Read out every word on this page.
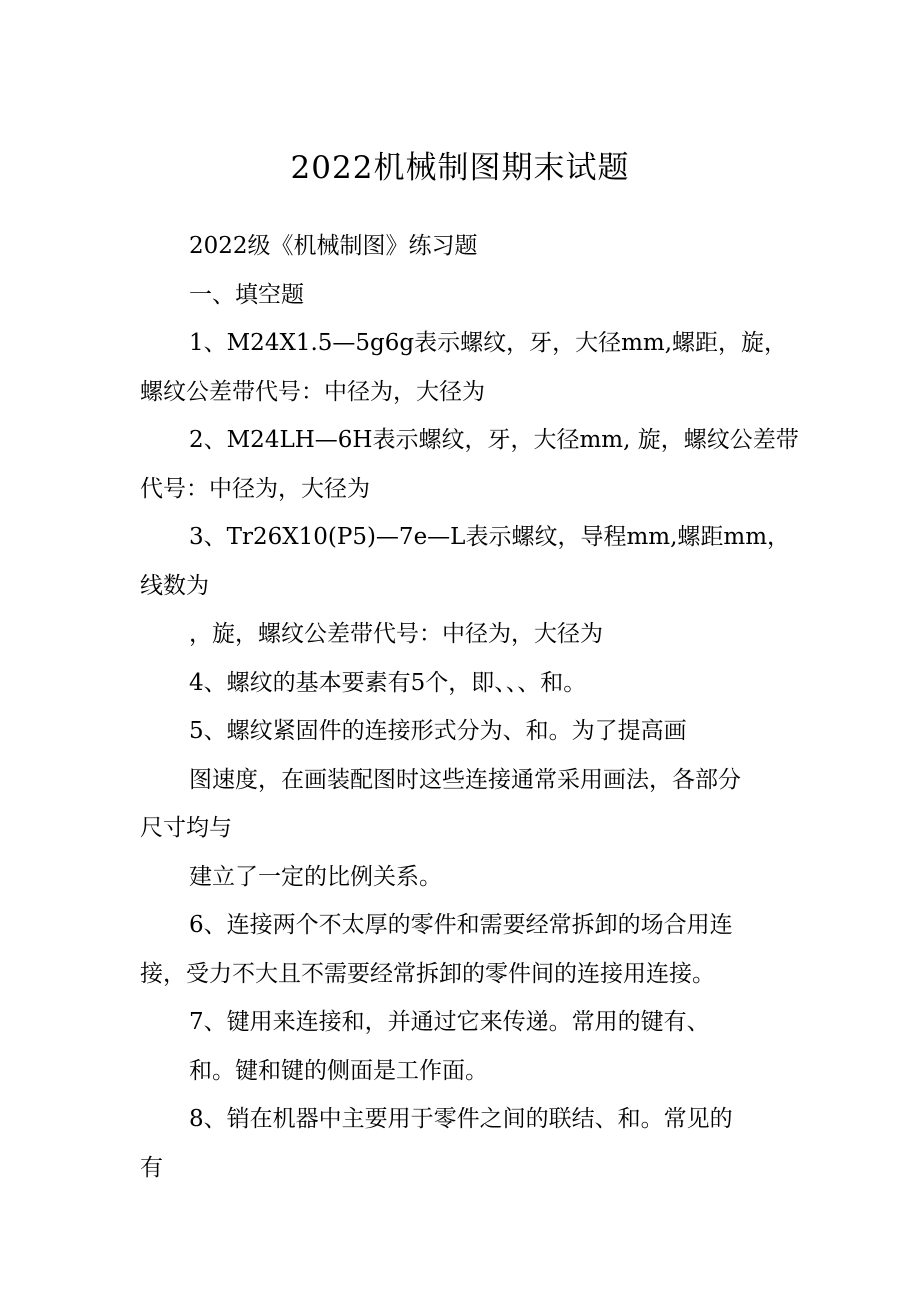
2022机械制图期末试题
2022级《机械制图》练习题
一、填空题
1、M24X1.5—5g6g表示螺纹，牙，大径mm,螺距，旋，
螺纹公差带代号：中径为，大径为
2、M24LH—6H表示螺纹，牙，大径mm, 旋，螺纹公差带
代号：中径为，大径为
3、Tr26X10(P5)—7e—L表示螺纹，导程mm,螺距mm，
线数为
，旋，螺纹公差带代号：中径为，大径为
4、螺纹的基本要素有5个，即、、、和。
5、螺纹紧固件的连接形式分为、和。为了提高画
图速度，在画装配图时这些连接通常采用画法，各部分
尺寸均与
建立了一定的比例关系。
6、连接两个不太厚的零件和需要经常拆卸的场合用连
接，受力不大且不需要经常拆卸的零件间的连接用连接。
7、键用来连接和，并通过它来传递。常用的键有、
和。键和键的侧面是工作面。
8、销在机器中主要用于零件之间的联结、和。常见的
有
